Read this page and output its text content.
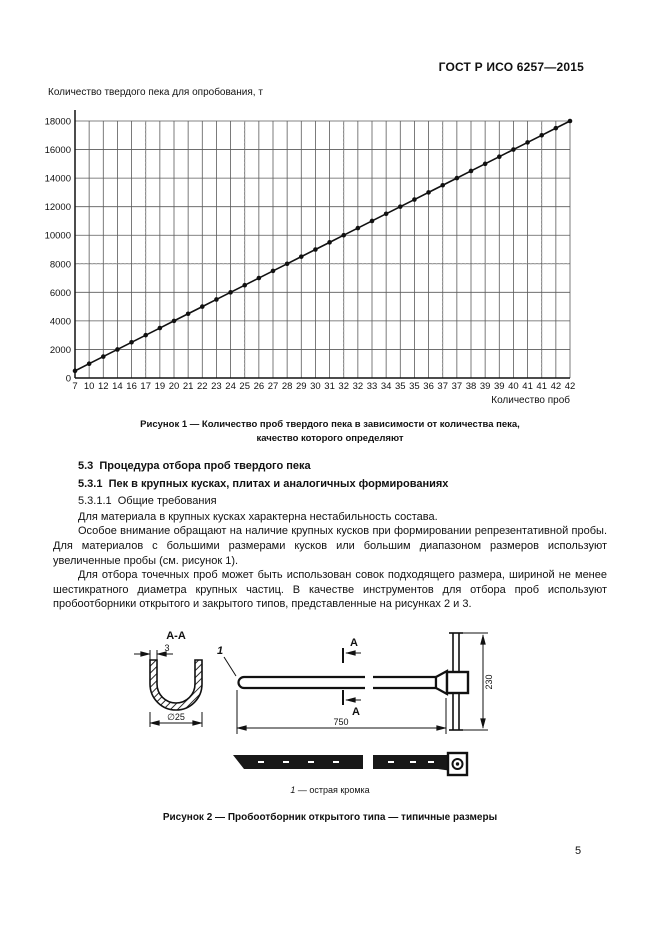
ГОСТ Р ИСО 6257—2015
Количество твердого пека для опробования, т
7 10 12 14 16 17 19 20 21 22 23 24 25 26 27 28 29 30 31 32 32 33 34 35 35 36 37 37 38 39 39 40 41 41 42 42
0
2000
4000
6000
8000
10000
12000
14000
16000
18000
Количество проб
Рисунок 1 — Количество проб твердого пека в зависимости от количества пека,
качество которого определяют
5.3  Процедура отбора проб твердого пека
5.3.1  Пек в крупных кусках, плитах и аналогичных формированиях
5.3.1.1  Общие требования

Для материала в крупных кусках характерна нестабильность состава.

Особое внимание обращают на наличие крупных кусков при формировании репрезентативной пробы. Для материалов с большими размерами кусков или большим диапазоном размеров используют увеличенные пробы (см. рисунок 1).

Для отбора точечных проб может быть использован совок подходящего размера, шириной не менее шестикратного диаметра крупных частиц. В качестве инструментов для отбора проб используют пробоотборники открытого и закрытого типов, представленные на рисунках 2 и 3.

А-А
3
∅25
1
А
А
750
230
1 — острая кромка
Рисунок 2 — Пробоотборник открытого типа — типичные размеры
5
